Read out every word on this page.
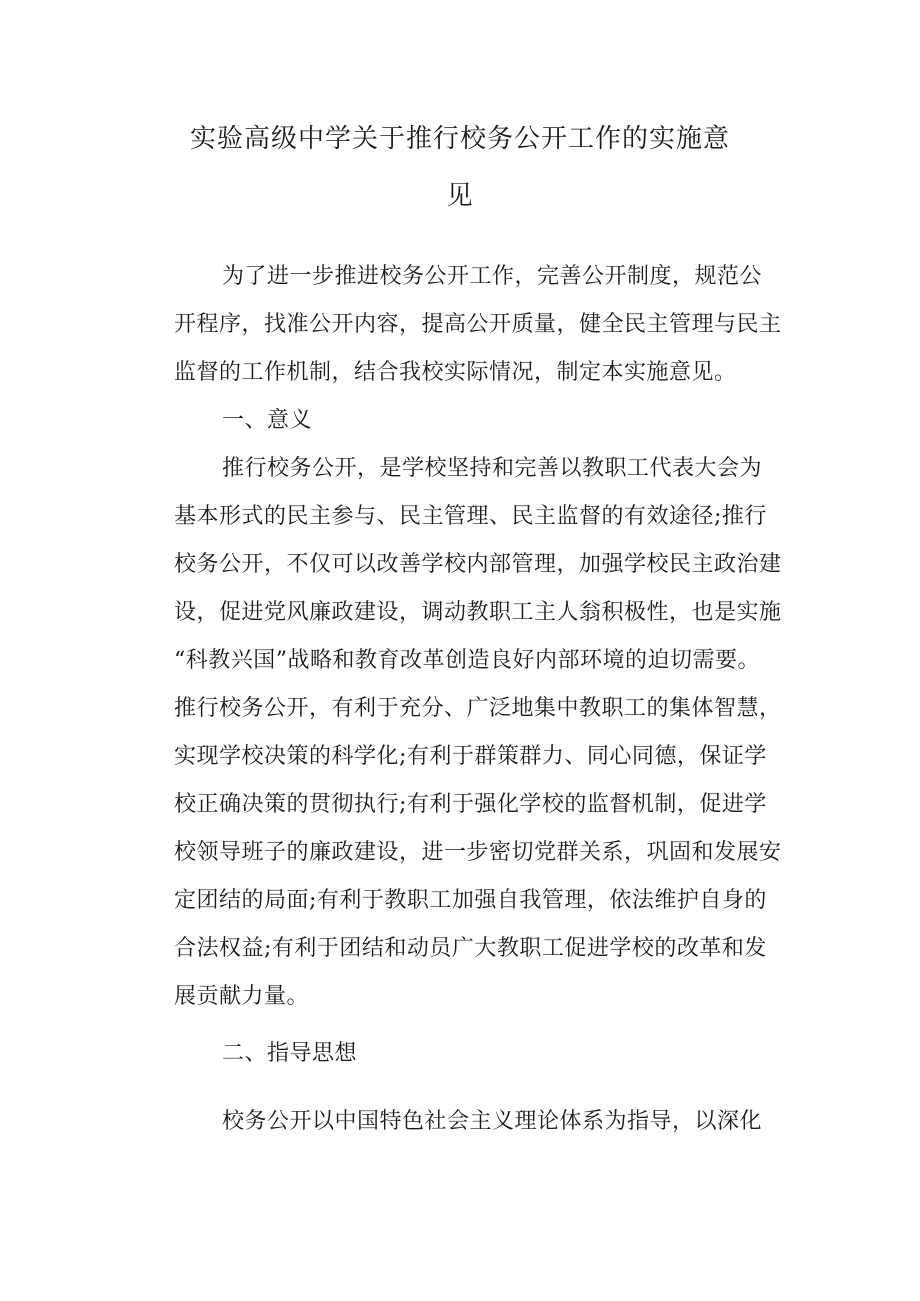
实验高级中学关于推行校务公开工作的实施意
见

为了进一步推进校务公开工作，完善公开制度，规范公

开程序，找准公开内容，提高公开质量，健全民主管理与民主

监督的工作机制，结合我校实际情况，制定本实施意见。

一、意义

推行校务公开，是学校坚持和完善以教职工代表大会为

基本形式的民主参与、民主管理、民主监督的有效途径;推行

校务公开，不仅可以改善学校内部管理，加强学校民主政治建

设，促进党风廉政建设，调动教职工主人翁积极性，也是实施

“科教兴国”战略和教育改革创造良好内部环境的迫切需要。

推行校务公开，有利于充分、广泛地集中教职工的集体智慧，

实现学校决策的科学化;有利于群策群力、同心同德，保证学

校正确决策的贯彻执行;有利于强化学校的监督机制，促进学

校领导班子的廉政建设，进一步密切党群关系，巩固和发展安

定团结的局面;有利于教职工加强自我管理，依法维护自身的

合法权益;有利于团结和动员广大教职工促进学校的改革和发

展贡献力量。

二、指导思想

校务公开以中国特色社会主义理论体系为指导，以深化
